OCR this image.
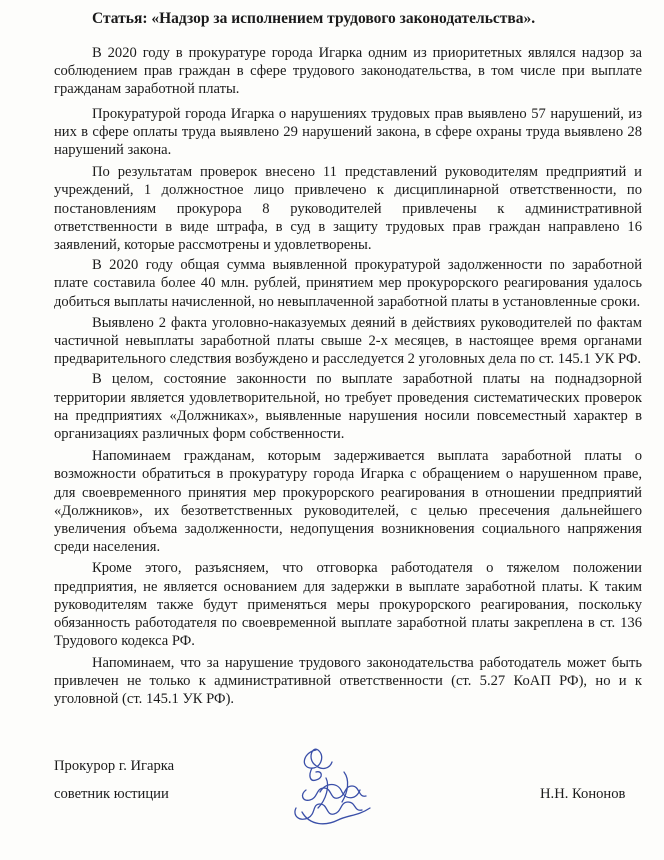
Статья: «Надзор за исполнением трудового законодательства».

В 2020 году в прокуратуре города Игарка одним из приоритетных являлся надзор за соблюдением прав граждан в сфере трудового законодательства, в том числе при выплате гражданам заработной платы.

Прокуратурой города Игарка о нарушениях трудовых прав выявлено 57 нарушений, из них в сфере оплаты труда выявлено 29 нарушений закона, в сфере охраны труда выявлено 28 нарушений закона.

По результатам проверок внесено 11 представлений руководителям предприятий и учреждений, 1 должностное лицо привлечено к дисциплинарной ответственности, по постановлениям прокурора 8 руководителей привлечены к административной ответственности в виде штрафа, в суд в защиту трудовых прав граждан направлено 16 заявлений, которые рассмотрены и удовлетворены.

В 2020 году общая сумма выявленной прокуратурой задолженности по заработной плате составила более 40 млн. рублей, принятием мер прокурорского реагирования удалось добиться выплаты начисленной, но невыплаченной заработной платы в установленные сроки.

Выявлено 2 факта уголовно-наказуемых деяний в действиях руководителей по фактам частичной невыплаты заработной платы свыше 2-х месяцев, в настоящее время органами предварительного следствия возбуждено и расследуется 2 уголовных дела по ст. 145.1 УК РФ.

В целом, состояние законности по выплате заработной платы на поднадзорной территории является удовлетворительной, но требует проведения систематических проверок на предприятиях «Должниках», выявленные нарушения носили повсеместный характер в организациях различных форм собственности.

Напоминаем гражданам, которым задерживается выплата заработной платы о возможности обратиться в прокуратуру города Игарка с обращением о нарушенном праве, для своевременного принятия мер прокурорского реагирования в отношении предприятий «Должников», их безответственных руководителей, с целью пресечения дальнейшего увеличения объема задолженности, недопущения возникновения социального напряжения среди населения.

Кроме этого, разъясняем, что отговорка работодателя о тяжелом положении предприятия, не является основанием для задержки в выплате заработной платы. К таким руководителям также будут применяться меры прокурорского реагирования, поскольку обязанность работодателя по своевременной выплате заработной платы закреплена в ст. 136 Трудового кодекса РФ.

Напоминаем, что за нарушение трудового законодательства работодатель может быть привлечен не только к административной ответственности (ст. 5.27 КоАП РФ), но и к уголовной (ст. 145.1 УК РФ).

Прокурор г. Игарка
советник юстиции	Н.Н. Кононов
